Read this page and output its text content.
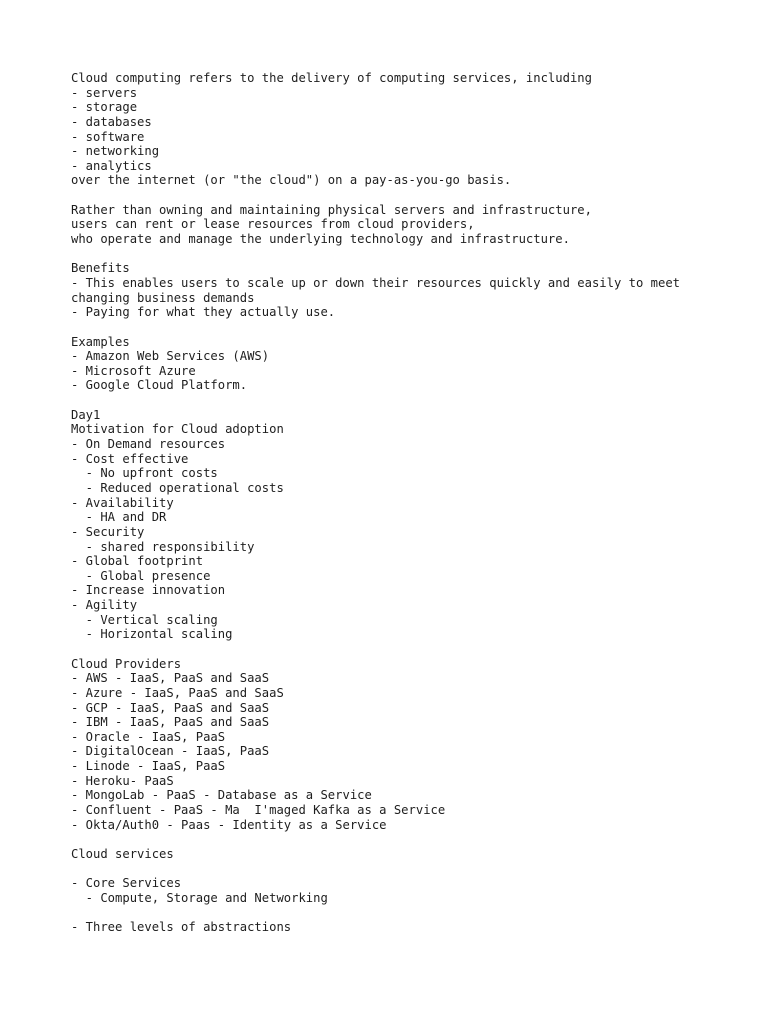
Cloud computing refers to the delivery of computing services, including
- servers
- storage
- databases
- software
- networking
- analytics
over the internet (or "the cloud") on a pay-as-you-go basis.
Rather than owning and maintaining physical servers and infrastructure,
users can rent or lease resources from cloud providers,
who operate and manage the underlying technology and infrastructure.
Benefits
- This enables users to scale up or down their resources quickly and easily to meet
changing business demands
- Paying for what they actually use.
Examples
- Amazon Web Services (AWS)
- Microsoft Azure
- Google Cloud Platform.
Day1
Motivation for Cloud adoption
- On Demand resources
- Cost effective
- No upfront costs
- Reduced operational costs
- Availability
- HA and DR
- Security
- shared responsibility
- Global footprint
- Global presence
- Increase innovation
- Agility
- Vertical scaling
- Horizontal scaling
Cloud Providers
- AWS - IaaS, PaaS and SaaS
- Azure - IaaS, PaaS and SaaS
- GCP - IaaS, PaaS and SaaS
- IBM - IaaS, PaaS and SaaS
- Oracle - IaaS, PaaS
- DigitalOcean - IaaS, PaaS
- Linode - IaaS, PaaS
- Heroku- PaaS
- MongoLab - PaaS - Database as a Service
- Confluent - PaaS - Ma  I'maged Kafka as a Service
- Okta/Auth0 - Paas - Identity as a Service
Cloud services
- Core Services
- Compute, Storage and Networking
- Three levels of abstractions
